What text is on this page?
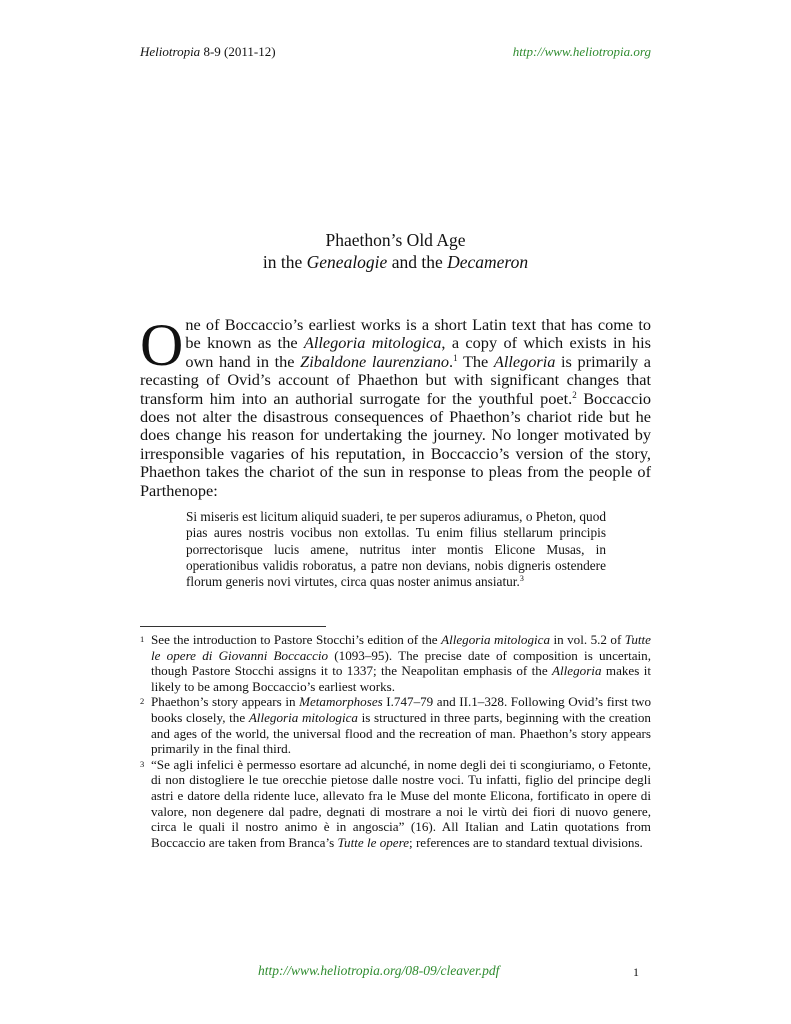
Heliotropia 8-9 (2011-12)	http://www.heliotropia.org
Phaethon’s Old Age
in the Genealogie and the Decameron
One of Boccaccio’s earliest works is a short Latin text that has come to be known as the Allegoria mitologica, a copy of which exists in his own hand in the Zibaldone laurenziano.$^1$ The Allegoria is primarily a recasting of Ovid’s account of Phaethon but with significant changes that transform him into an authorial surrogate for the youthful poet.$^2$ Boccaccio does not alter the disastrous consequences of Phaethon’s chariot ride but he does change his reason for undertaking the journey. No longer motivated by irresponsible vagaries of his reputation, in Boccaccio’s version of the story, Phaethon takes the chariot of the sun in response to pleas from the people of Parthenope:
Si miseris est licitum aliquid suaderi, te per superos adiuramus, o Pheton, quod pias aures nostris vocibus non extollas. Tu enim filius stellarum principis porrectorisque lucis amene, nutritus inter montis Elicone Musas, in operationibus validis roboratus, a patre non devians, nobis digneris ostendere florum generis novi virtutes, circa quas noster animus ansiatur.$^3$
1 See the introduction to Pastore Stocchi’s edition of the Allegoria mitologica in vol. 5.2 of Tutte le opere di Giovanni Boccaccio (1093–95). The precise date of composition is uncertain, though Pastore Stocchi assigns it to 1337; the Neapolitan emphasis of the Allegoria makes it likely to be among Boccaccio’s earliest works.
2 Phaethon’s story appears in Metamorphoses I.747–79 and II.1–328. Following Ovid’s first two books closely, the Allegoria mitologica is structured in three parts, beginning with the creation and ages of the world, the universal flood and the recreation of man. Phaethon’s story appears primarily in the final third.
3 “Se agli infelici è permesso esortare ad alcunché, in nome degli dei ti scongiuriamo, o Fetonte, di non distogliere le tue orecchie pietose dalle nostre voci. Tu infatti, figlio del principe degli astri e datore della ridente luce, allevato fra le Muse del monte Elicona, fortificato in opere di valore, non degenere dal padre, degnati di mostrare a noi le virtù dei fiori di nuovo genere, circa le quali il nostro animo è in angoscia” (16). All Italian and Latin quotations from Boccaccio are taken from Branca’s Tutte le opere; references are to standard textual divisions.
http://www.heliotropia.org/08-09/cleaver.pdf	1
